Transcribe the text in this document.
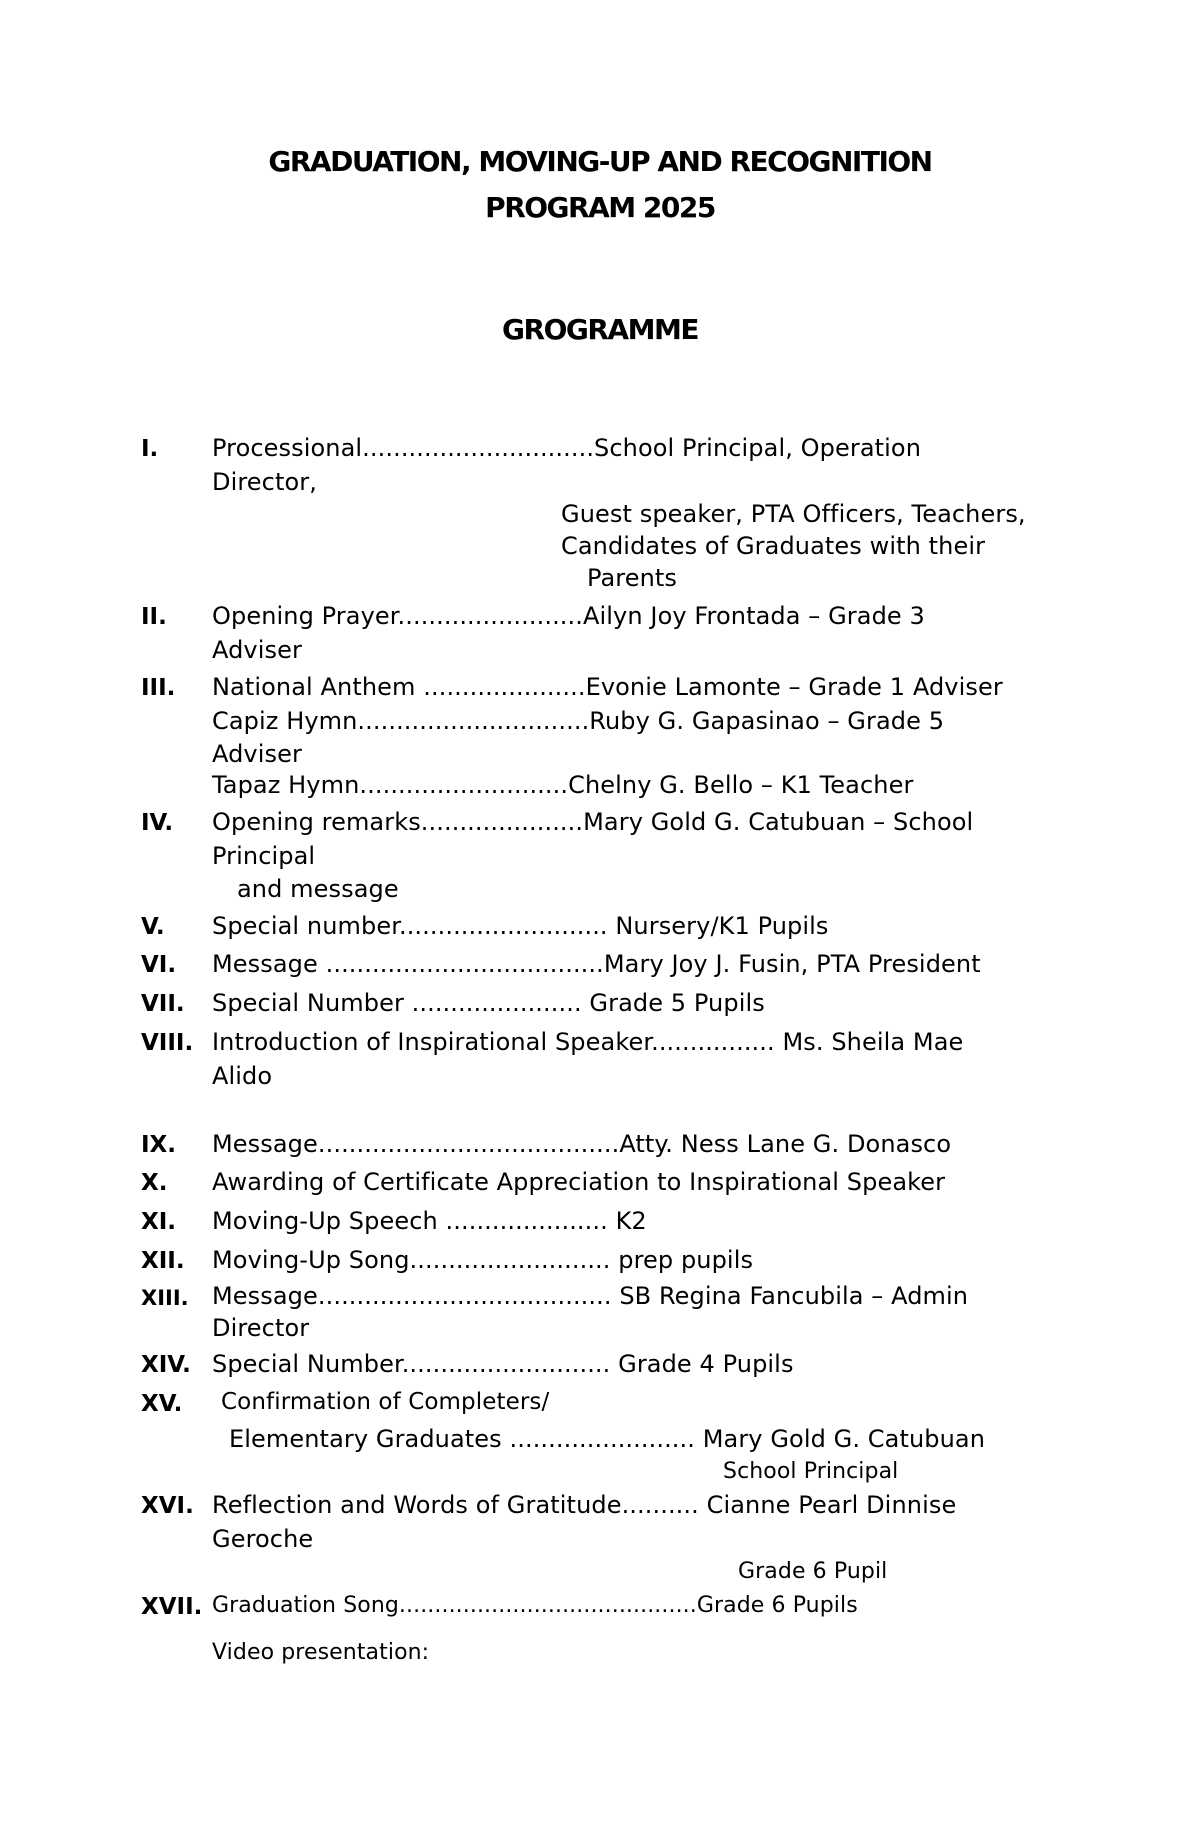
GRADUATION, MOVING-UP AND RECOGNITION
PROGRAM 2025
GROGRAMME
I. Processional..............................School Principal, Operation
Director,
Guest speaker, PTA Officers, Teachers,
Candidates of Graduates with their
Parents
II. Opening Prayer........................Ailyn Joy Frontada – Grade 3
Adviser
III. National Anthem .....................Evonie Lamonte – Grade 1 Adviser
Capiz Hymn..............................Ruby G. Gapasinao – Grade 5
Adviser
Tapaz Hymn...........................Chelny G. Bello – K1 Teacher
IV. Opening remarks.....................Mary Gold G. Catubuan – School
Principal
and message
V. Special number........................... Nursery/K1 Pupils
VI. Message ....................................Mary Joy J. Fusin, PTA President
VII. Special Number ...................... Grade 5 Pupils
VIII. Introduction of Inspirational Speaker................ Ms. Sheila Mae
Alido
IX. Message.......................................Atty. Ness Lane G. Donasco
X. Awarding of Certificate Appreciation to Inspirational Speaker
XI. Moving-Up Speech ..................... K2
XII. Moving-Up Song.......................... prep pupils
XIII. Message...................................... SB Regina Fancubila – Admin
Director
XIV. Special Number........................... Grade 4 Pupils
XV. Confirmation of Completers/
Elementary Graduates ........................ Mary Gold G. Catubuan
School Principal
XVI. Reflection and Words of Gratitude.......... Cianne Pearl Dinnise
Geroche
Grade 6 Pupil
XVII. Graduation Song..........................................Grade 6 Pupils
Video presentation:
